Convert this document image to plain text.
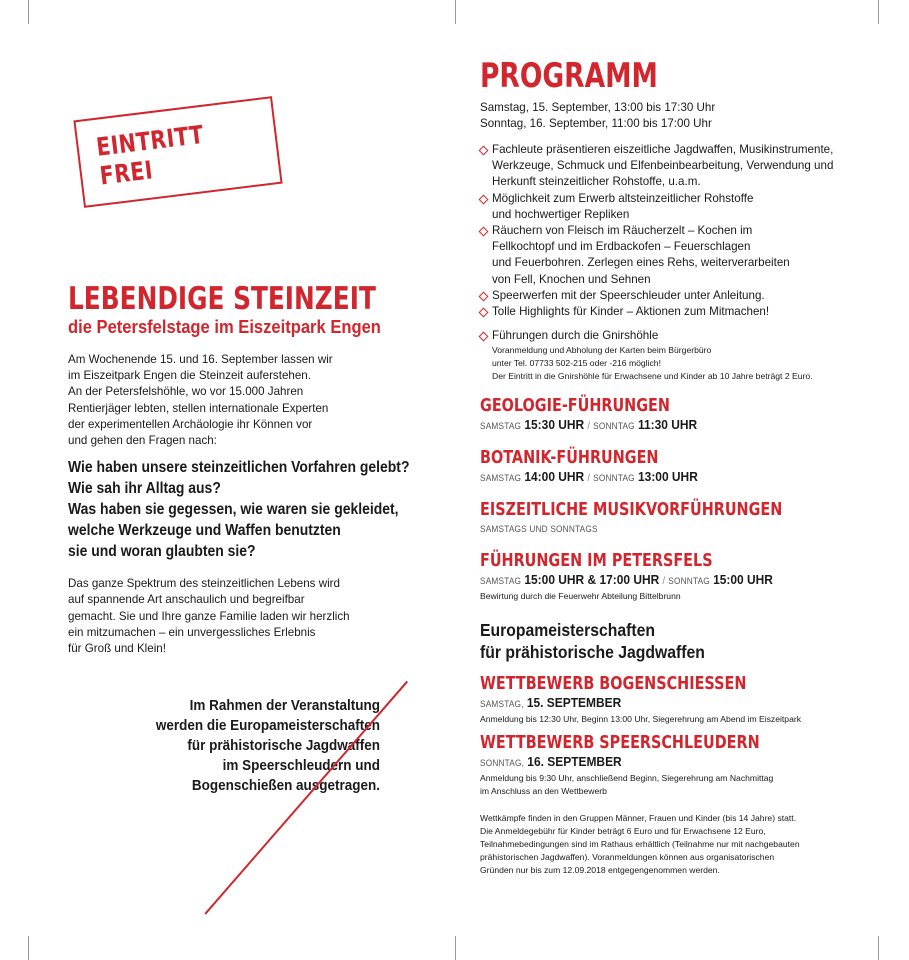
EINTRITT FREI
LEBENDIGE STEINZEIT
die Petersfelstage im Eiszeitpark Engen
Am Wochenende 15. und 16. September lassen wir
im Eiszeitpark Engen die Steinzeit auferstehen.
An der Petersfelshöhle, wo vor 15.000 Jahren
Rentierjäger lebten, stellen internationale Experten
der experimentellen Archäologie ihr Können vor
und gehen den Fragen nach:
Wie haben unsere steinzeitlichen Vorfahren gelebt?
Wie sah ihr Alltag aus?
Was haben sie gegessen, wie waren sie gekleidet,
welche Werkzeuge und Waffen benutzten
sie und woran glaubten sie?
Das ganze Spektrum des steinzeitlichen Lebens wird
auf spannende Art anschaulich und begreifbar
gemacht. Sie und Ihre ganze Familie laden wir herzlich
ein mitzumachen – ein unvergessliches Erlebnis
für Groß und Klein!
Im Rahmen der Veranstaltung
werden die Europameisterschaften
für prähistorische Jagdwaffen
im Speerschleudern und
Bogenschießen ausgetragen.
PROGRAMM
Samstag, 15. September, 13:00 bis 17:30 Uhr
Sonntag, 16. September, 11:00 bis 17:00 Uhr
Fachleute präsentieren eiszeitliche Jagdwaffen, Musikinstrumente,
Werkzeuge, Schmuck und Elfenbeinbearbeitung, Verwendung und
Herkunft steinzeitlicher Rohstoffe, u.a.m.
Möglichkeit zum Erwerb altsteinzeitlicher Rohstoffe
und hochwertiger Repliken
Räuchern von Fleisch im Räucherzelt – Kochen im
Fellkochtopf und im Erdbackofen – Feuerschlagen
und Feuerbohren. Zerlegen eines Rehs, weiterverarbeiten
von Fell, Knochen und Sehnen
Speerwerfen mit der Speerschleuder unter Anleitung.
Tolle Highlights für Kinder – Aktionen zum Mitmachen!
Führungen durch die Gnirshöhle
Voranmeldung und Abholung der Karten beim Bürgerbüro
unter Tel. 07733 502-215 oder -216 möglich!
Der Eintritt in die Gnirshöhle für Erwachsene und Kinder ab 10 Jahre beträgt 2 Euro.
GEOLOGIE-FÜHRUNGEN
SAMSTAG 15:30 UHR / SONNTAG 11:30 UHR
BOTANIK-FÜHRUNGEN
SAMSTAG 14:00 UHR / SONNTAG 13:00 UHR
EISZEITLICHE MUSIKVORFÜHRUNGEN
SAMSTAGS UND SONNTAGS
FÜHRUNGEN IM PETERSFELS
SAMSTAG 15:00 UHR & 17:00 UHR / SONNTAG 15:00 UHR
Bewirtung durch die Feuerwehr Abteilung Bittelbrunn
Europameisterschaften
für prähistorische Jagdwaffen
WETTBEWERB BOGENSCHIESSEN
SAMSTAG, 15. SEPTEMBER
Anmeldung bis 12:30 Uhr, Beginn 13:00 Uhr, Siegerehrung am Abend im Eiszeitpark
WETTBEWERB SPEERSCHLEUDERN
SONNTAG, 16. SEPTEMBER
Anmeldung bis 9:30 Uhr, anschließend Beginn, Siegerehrung am Nachmittag
im Anschluss an den Wettbewerb
Wettkämpfe finden in den Gruppen Männer, Frauen und Kinder (bis 14 Jahre) statt.
Die Anmeldegebühr für Kinder beträgt 6 Euro und für Erwachsene 12 Euro,
Teilnahmebedingungen sind im Rathaus erhältlich (Teilnahme nur mit nachgebauten
prähistorischen Jagdwaffen). Voranmeldungen können aus organisatorischen
Gründen nur bis zum 12.09.2018 entgegengenommen werden.
